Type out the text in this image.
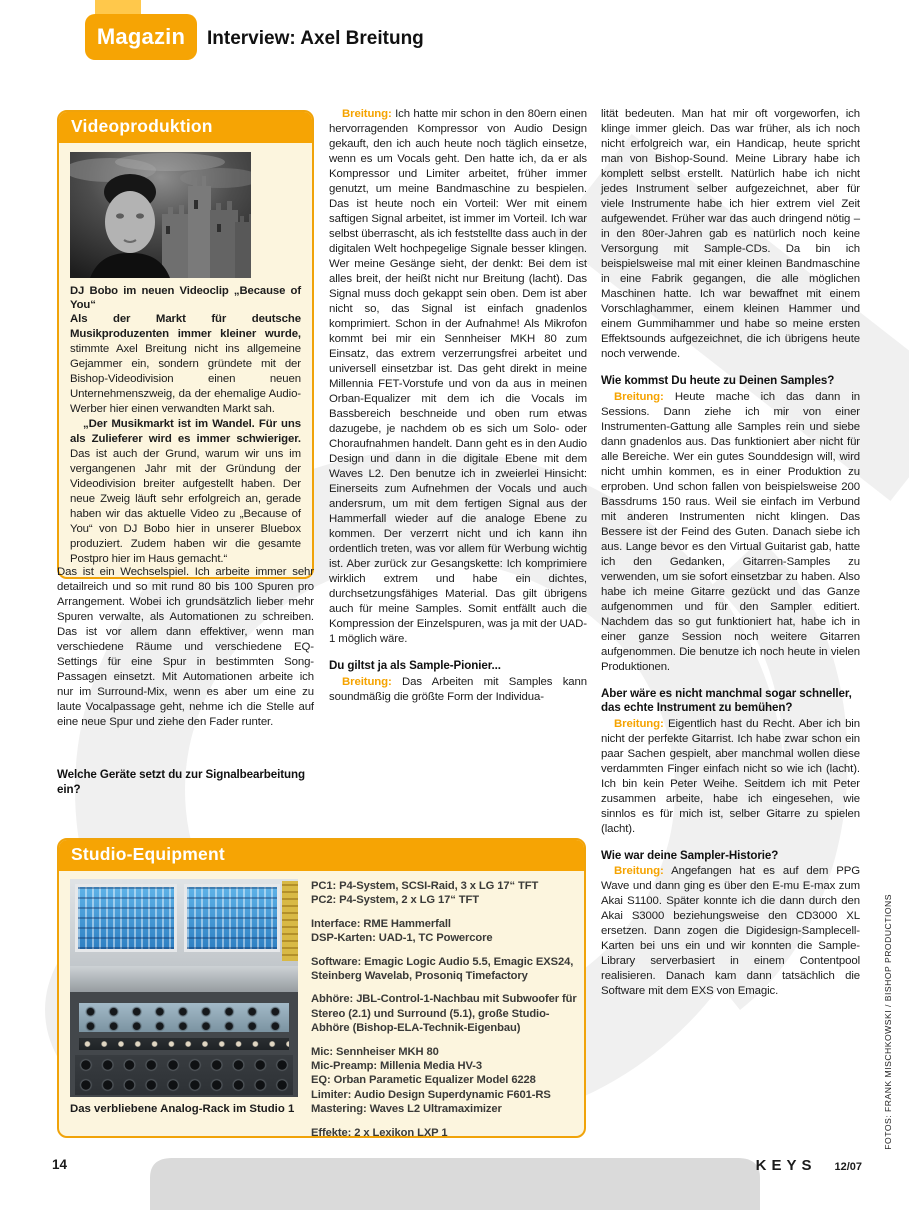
Magazin Interview: Axel Breitung
Videoproduktion
DJ Bobo im neuen Videoclip „Because of You“

Als der Markt für deutsche Musikproduzenten immer kleiner wurde, stimmte Axel Breitung nicht ins allgemeine Gejammer ein, sondern gründete mit der Bishop-Videodivision einen neuen Unternehmenszweig, da der ehemalige Audio-Werber hier einen verwandten Markt sah.

„Der Musikmarkt ist im Wandel. Für uns als Zulieferer wird es immer schwieriger. Das ist auch der Grund, warum wir uns im vergangenen Jahr mit der Gründung der Videodivision breiter aufgestellt haben. Der neue Zweig läuft sehr erfolgreich an, gerade haben wir das aktuelle Video zu „Because of You“ von DJ Bobo hier in unserer Bluebox produziert. Zudem haben wir die gesamte Postpro hier im Haus gemacht.“

Das ist ein Wechselspiel. Ich arbeite immer sehr detailreich und so mit rund 80 bis 100 Spuren pro Arrangement. Wobei ich grundsätzlich lieber mehr Spuren verwalte, als Automationen zu schreiben. Das ist vor allem dann effektiver, wenn man verschiedene Räume und verschiedene EQ-Settings für eine Spur in bestimmten Song-Passagen einsetzt. Mit Automationen arbeite ich nur im Surround-Mix, wenn es aber um eine zu laute Vocalpassage geht, nehme ich die Stelle auf eine neue Spur und ziehe den Fader runter.

Welche Geräte setzt du zur Signalbearbeitung ein?

Breitung: Ich hatte mir schon in den 80ern einen hervorragenden Kompressor von Audio Design gekauft, den ich auch heute noch täglich einsetze, wenn es um Vocals geht. Den hatte ich, da er als Kompressor und Limiter arbeitet, früher immer genutzt, um meine Bandmaschine zu bespielen. Das ist heute noch ein Vorteil: Wer mit einem saftigen Signal arbeitet, ist immer im Vorteil. Ich war selbst überrascht, als ich feststellte dass auch in der digitalen Welt hochpegelige Signale besser klingen. Wer meine Gesänge sieht, der denkt: Bei dem ist alles breit, der heißt nicht nur Breitung (lacht). Das Signal muss doch gekappt sein oben. Dem ist aber nicht so, das Signal ist einfach gnadenlos komprimiert. Schon in der Aufnahme! Als Mikrofon kommt bei mir ein Sennheiser MKH 80 zum Einsatz, das extrem verzerrungsfrei arbeitet und universell einsetzbar ist. Das geht direkt in meine Millennia FET-Vorstufe und von da aus in meinen Orban-Equalizer mit dem ich die Vocals im Bassbereich beschneide und oben rum etwas dazugebe, je nachdem ob es sich um Solo- oder Choraufnahmen handelt. Dann geht es in den Audio Design und dann in die digitale Ebene mit dem Waves L2. Den benutze ich in zweierlei Hinsicht: Einerseits zum Aufnehmen der Vocals und auch andersrum, um mit dem fertigen Signal aus der Hammerfall wieder auf die analoge Ebene zu kommen. Der verzerrt nicht und ich kann ihn ordentlich treten, was vor allem für Werbung wichtig ist. Aber zurück zur Gesangskette: Ich komprimiere wirklich extrem und habe ein dichtes, durchsetzungsfähiges Material. Das gilt übrigens auch für meine Samples. Somit entfällt auch die Kompression der Einzelspuren, was ja mit der UAD-1 möglich wäre.

Du giltst ja als Sample-Pionier...

Breitung: Das Arbeiten mit Samples kann soundmäßig die größte Form der Individua-

lität bedeuten. Man hat mir oft vorgeworfen, ich klinge immer gleich. Das war früher, als ich noch nicht erfolgreich war, ein Handicap, heute spricht man von Bishop-Sound. Meine Library habe ich komplett selbst erstellt. Natürlich habe ich nicht jedes Instrument selber aufgezeichnet, aber für viele Instrumente habe ich hier extrem viel Zeit aufgewendet. Früher war das auch dringend nötig – in den 80er-Jahren gab es natürlich noch keine Versorgung mit Sample-CDs. Da bin ich beispielsweise mal mit einer kleinen Bandmaschine in eine Fabrik gegangen, die alle möglichen Maschinen hatte. Ich war bewaffnet mit einem Vorschlaghammer, einem kleinen Hammer und einem Gummihammer und habe so meine ersten Effektsounds aufgezeichnet, die ich übrigens heute noch verwende.

Wie kommst Du heute zu Deinen Samples?

Breitung: Heute mache ich das dann in Sessions. Dann ziehe ich mir von einer Instrumenten-Gattung alle Samples rein und siebe dann gnadenlos aus. Das funktioniert aber nicht für alle Bereiche. Wer ein gutes Sounddesign will, wird nicht umhin kommen, es in einer Produktion zu erproben. Und schon fallen von beispielsweise 200 Bassdrums 150 raus. Weil sie einfach im Verbund mit anderen Instrumenten nicht klingen. Das Bessere ist der Feind des Guten. Danach siebe ich aus. Lange bevor es den Virtual Guitarist gab, hatte ich den Gedanken, Gitarren-Samples zu verwenden, um sie sofort einsetzbar zu haben. Also habe ich meine Gitarre gezückt und das Ganze aufgenommen und für den Sampler editiert. Nachdem das so gut funktioniert hat, habe ich in einer ganze Session noch weitere Gitarren aufgenommen. Die benutze ich noch heute in vielen Produktionen.

Aber wäre es nicht manchmal sogar schneller, das echte Instrument zu bemühen?

Breitung: Eigentlich hast du Recht. Aber ich bin nicht der perfekte Gitarrist. Ich habe zwar schon ein paar Sachen gespielt, aber manchmal wollen diese verdammten Finger einfach nicht so wie ich (lacht). Ich bin kein Peter Weihe. Seitdem ich mit Peter zusammen arbeite, habe ich eingesehen, wie sinnlos es für mich ist, selber Gitarre zu spielen (lacht).

Wie war deine Sampler-Historie?

Breitung: Angefangen hat es auf dem PPG Wave und dann ging es über den E-mu E-max zum Akai S1100. Später konnte ich die dann durch den Akai S3000 beziehungsweise den CD3000 XL ersetzen. Dann zogen die Digidesign-Samplecell-Karten bei uns ein und wir konnten die Sample-Library serverbasiert in einem Contentpool realisieren. Danach kam dann tatsächlich die Software mit dem EXS von Emagic.

Studio-Equipment
Das verbliebene Analog-Rack im Studio 1
PC1: P4-System, SCSI-Raid, 3 x LG 17“ TFT
PC2: P4-System, 2 x LG 17“ TFT
Interface: RME Hammerfall
DSP-Karten: UAD-1, TC Powercore
Software: Emagic Logic Audio 5.5, Emagic EXS24, Steinberg Wavelab, Prosoniq Timefactory
Abhöre: JBL-Control-1-Nachbau mit Subwoofer für Stereo (2.1) und Surround (5.1), große Studio-Abhöre (Bishop-ELA-Technik-Eigenbau)
Mic: Sennheiser MKH 80
Mic-Preamp: Millenia Media HV-3
EQ: Orban Parametic Equalizer Model 6228
Limiter: Audio Design Superdynamic F601-RS
Mastering: Waves L2 Ultramaximizer
Effekte: 2 x Lexikon LXP 1	FOTOS: FRANK MISCHKOWSKI / BISHOP PRODUCTIONS
14	KEYS 12/07
